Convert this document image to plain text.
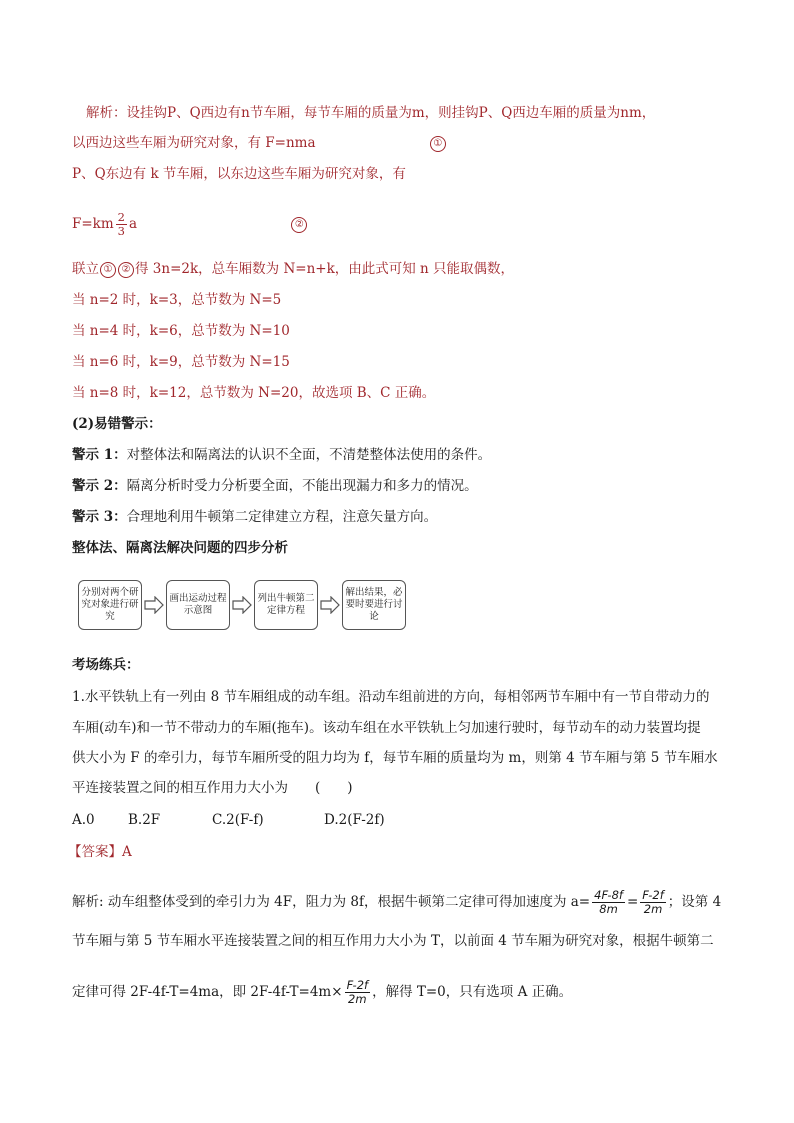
解析：设挂钩P、Q西边有n节车厢，每节车厢的质量为m，则挂钩P、Q西边车厢的质量为nm，
以西边这些车厢为研究对象，有 F=nma	①
P、Q东边有 k 节车厢，以东边这些车厢为研究对象，有
$F=km \frac{2}{3}$ a	②
联立 ① ② 得 3n=2k，总车厢数为 N=n+k，由此式可知 n 只能取偶数，
当 n=2 时，k=3，总节数为 N=5
当 n=4 时，k=6，总节数为 N=10
当 n=6 时，k=9，总节数为 N=15
当 n=8 时，k=12，总节数为 N=20，故选项 B、C 正确。
(2)易错警示：
警示 1：对整体法和隔离法的认识不全面，不清楚整体法使用的条件。
警示 2：隔离分析时受力分析要全面，不能出现漏力和多力的情况。
警示 3：合理地利用牛顿第二定律建立方程，注意矢量方向。
整体法、隔离法解决问题的四步分析
分别对两个研究对象进行研究
画出运动过程示意图
列出牛顿第二定律方程
解出结果，必要时要进行讨论
考场练兵：
1.水平铁轨上有一列由 8 节车厢组成的动车组。沿动车组前进的方向，每相邻两节车厢中有一节自带动力的
车厢(动车)和一节不带动力的车厢(拖车)。该动车组在水平铁轨上匀加速行驶时，每节动车的动力装置均提
供大小为 F 的牵引力，每节车厢所受的阻力均为 f，每节车厢的质量均为 m，则第 4 节车厢与第 5 节车厢水
平连接装置之间的相互作用力大小为　　(　　)
A.0 B.2F	C.2(F-f)	D.2(F-2f)
【答案】A
解析: 动车组整体受到的牵引力为 4F，阻力为 8f，根据牛顿第二定律可得加速度为 $a= \frac{4F-8f}{8m} = \frac{F-2f}{2m}$ ；设第 4
节车厢与第 5 节车厢水平连接装置之间的相互作用力大小为 T，以前面 4 节车厢为研究对象，根据牛顿第二
定律可得 2F-4f-T=4ma，即 $2F-4f-T=4m\times \frac{F-2f}{2m}$ ，解得 T=0，只有选项 A 正确。
